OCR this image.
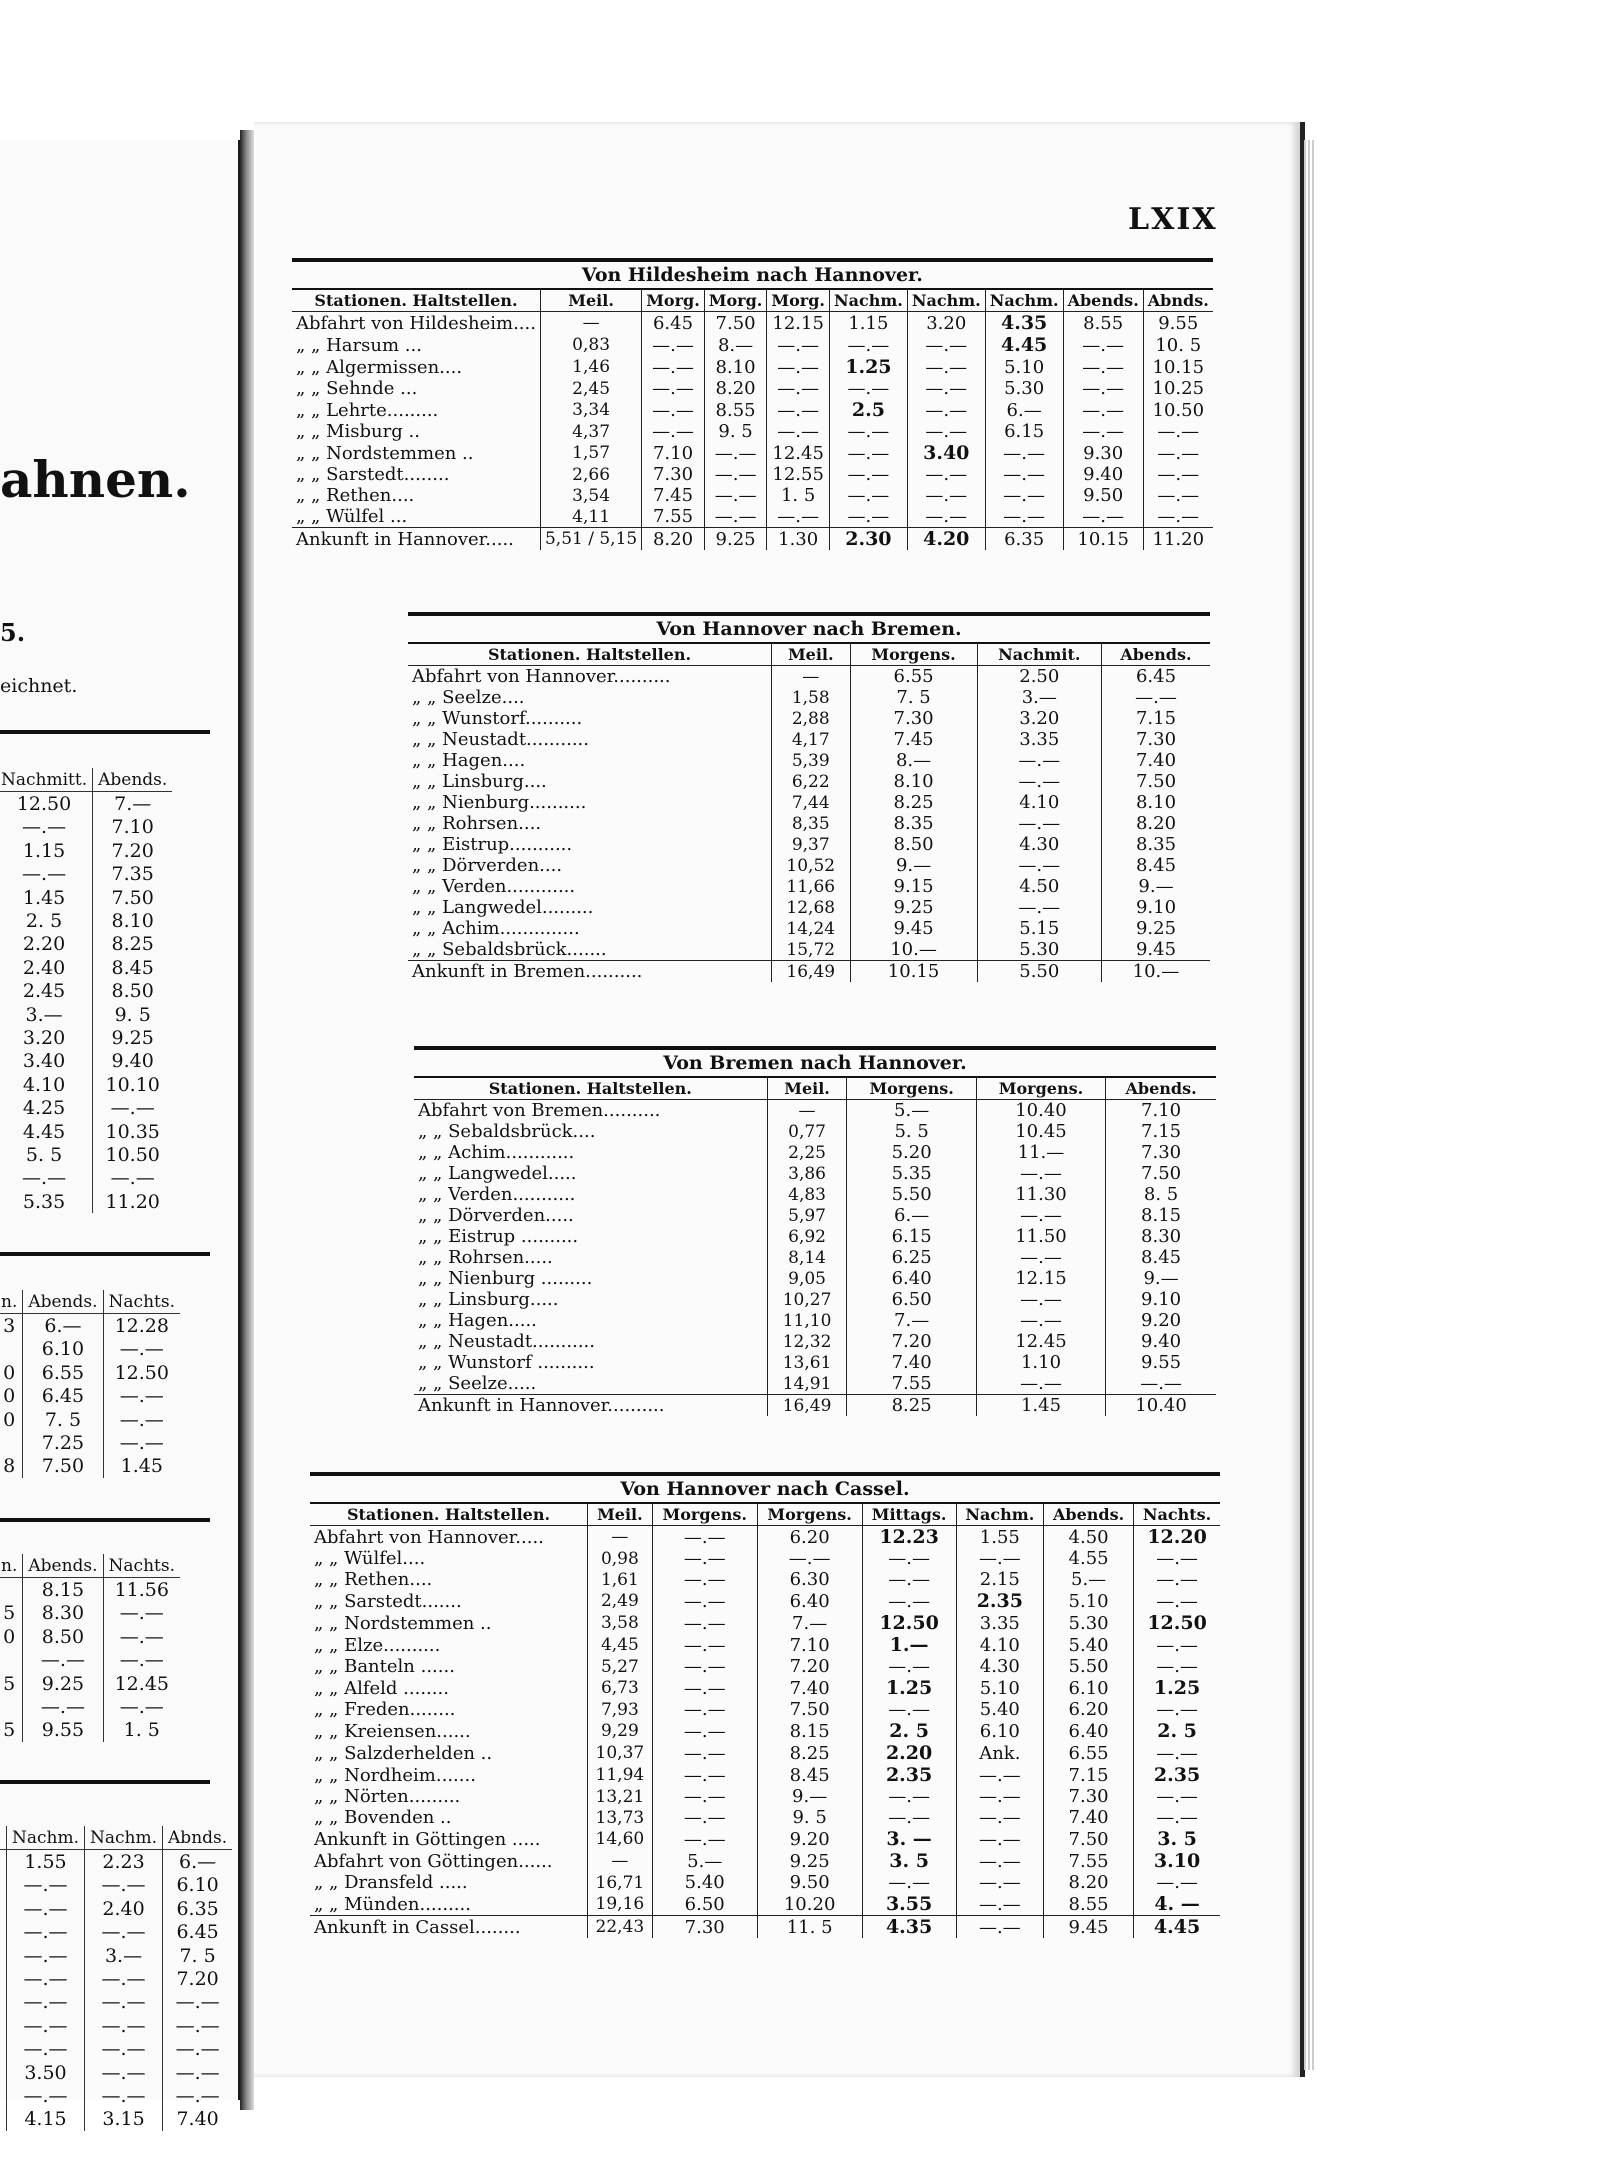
ahnen.
5.
eichnet.
Nachmitt.	Abends.
12.50	7.—
—.—	7.10
1.15	7.20
—.—	7.35
1.45	7.50
2. 5	8.10
2.20	8.25
2.40	8.45
2.45	8.50
3.—	9. 5
3.20	9.25
3.40	9.40
4.10	10.10
4.25	—.—
4.45	10.35
5. 5	10.50
—.—	—.—
5.35	11.20
n.	Abends.	Nachts.
3	6.—	12.28
	6.10	—.—
0	6.55	12.50
0	6.45	—.—
0	7. 5	—.—
	7.25	—.—
8	7.50	1.45
n.	Abends.	Nachts.
	8.15	11.56
5	8.30	—.—
0	8.50	—.—
	—.—	—.—
5	9.25	12.45
	—.—	—.—
5	9.55	1. 5
	Nachm.	Nachm.	Abnds.
	1.55	2.23	6.—
	—.—	—.—	6.10
	—.—	2.40	6.35
	—.—	—.—	6.45
	—.—	3.—	7. 5
	—.—	—.—	7.20
	—.—	—.—	—.—
	—.—	—.—	—.—
	—.—	—.—	—.—
	3.50	—.—	—.—
	—.—	—.—	—.—
	4.15	3.15	7.40
LXIX
Von Hildesheim nach Hannover.
Stationen. Haltstellen.	Meil.	Morg.	Morg.	Morg.	Nachm.	Nachm.	Nachm.	Abends.	Abnds.
Abfahrt von Hildesheim....	—	6.45	7.50	12.15	1.15	3.20	4.35	8.55	9.55
„ „ Harsum ...	0,83	—.—	8.—	—.—	—.—	—.—	4.45	—.—	10. 5
„ „ Algermissen....	1,46	—.—	8.10	—.—	1.25	—.—	5.10	—.—	10.15
„ „ Sehnde ...	2,45	—.—	8.20	—.—	—.—	—.—	5.30	—.—	10.25
„ „ Lehrte.........	3,34	—.—	8.55	—.—	2.5	—.—	6.—	—.—	10.50
„ „ Misburg ..	4,37	—.—	9. 5	—.—	—.—	—.—	6.15	—.—	—.—
„ „ Nordstemmen ..	1,57	7.10	—.—	12.45	—.—	3.40	—.—	9.30	—.—
„ „ Sarstedt........	2,66	7.30	—.—	12.55	—.—	—.—	—.—	9.40	—.—
„ „ Rethen....	3,54	7.45	—.—	1. 5	—.—	—.—	—.—	9.50	—.—
„ „ Wülfel ...	4,11	7.55	—.—	—.—	—.—	—.—	—.—	—.—	—.—
Ankunft in Hannover.....	5,51 / 5,15	8.20	9.25	1.30	2.30	4.20	6.35	10.15	11.20
Von Hannover nach Bremen.
Stationen. Haltstellen.	Meil.	Morgens.	Nachmit.	Abends.
Abfahrt von Hannover..........	—	6.55	2.50	6.45
„ „ Seelze....	1,58	7. 5	3.—	—.—
„ „ Wunstorf..........	2,88	7.30	3.20	7.15
„ „ Neustadt...........	4,17	7.45	3.35	7.30
„ „ Hagen....	5,39	8.—	—.—	7.40
„ „ Linsburg....	6,22	8.10	—.—	7.50
„ „ Nienburg..........	7,44	8.25	4.10	8.10
„ „ Rohrsen....	8,35	8.35	—.—	8.20
„ „ Eistrup...........	9,37	8.50	4.30	8.35
„ „ Dörverden....	10,52	9.—	—.—	8.45
„ „ Verden............	11,66	9.15	4.50	9.—
„ „ Langwedel.........	12,68	9.25	—.—	9.10
„ „ Achim..............	14,24	9.45	5.15	9.25
„ „ Sebaldsbrück.......	15,72	10.—	5.30	9.45
Ankunft in Bremen..........	16,49	10.15	5.50	10.—
Von Bremen nach Hannover.
Stationen. Haltstellen.	Meil.	Morgens.	Morgens.	Abends.
Abfahrt von Bremen..........	—	5.—	10.40	7.10
„ „ Sebaldsbrück....	0,77	5. 5	10.45	7.15
„ „ Achim............	2,25	5.20	11.—	7.30
„ „ Langwedel.....	3,86	5.35	—.—	7.50
„ „ Verden...........	4,83	5.50	11.30	8. 5
„ „ Dörverden.....	5,97	6.—	—.—	8.15
„ „ Eistrup ..........	6,92	6.15	11.50	8.30
„ „ Rohrsen.....	8,14	6.25	—.—	8.45
„ „ Nienburg .........	9,05	6.40	12.15	9.—
„ „ Linsburg.....	10,27	6.50	—.—	9.10
„ „ Hagen.....	11,10	7.—	—.—	9.20
„ „ Neustadt...........	12,32	7.20	12.45	9.40
„ „ Wunstorf ..........	13,61	7.40	1.10	9.55
„ „ Seelze.....	14,91	7.55	—.—	—.—
Ankunft in Hannover..........	16,49	8.25	1.45	10.40
Von Hannover nach Cassel.
Stationen. Haltstellen.	Meil.	Morgens.	Morgens.	Mittags.	Nachm.	Abends.	Nachts.
Abfahrt von Hannover.....	—	—.—	6.20	12.23	1.55	4.50	12.20
„ „ Wülfel....	0,98	—.—	—.—	—.—	—.—	4.55	—.—
„ „ Rethen....	1,61	—.—	6.30	—.—	2.15	5.—	—.—
„ „ Sarstedt.......	2,49	—.—	6.40	—.—	2.35	5.10	—.—
„ „ Nordstemmen ..	3,58	—.—	7.—	12.50	3.35	5.30	12.50
„ „ Elze..........	4,45	—.—	7.10	1.—	4.10	5.40	—.—
„ „ Banteln ......	5,27	—.—	7.20	—.—	4.30	5.50	—.—
„ „ Alfeld ........	6,73	—.—	7.40	1.25	5.10	6.10	1.25
„ „ Freden........	7,93	—.—	7.50	—.—	5.40	6.20	—.—
„ „ Kreiensen......	9,29	—.—	8.15	2. 5	6.10	6.40	2. 5
„ „ Salzderhelden ..	10,37	—.—	8.25	2.20	Ank.	6.55	—.—
„ „ Nordheim.......	11,94	—.—	8.45	2.35	—.—	7.15	2.35
„ „ Nörten.........	13,21	—.—	9.—	—.—	—.—	7.30	—.—
„ „ Bovenden ..	13,73	—.—	9. 5	—.—	—.—	7.40	—.—
Ankunft in Göttingen .....	14,60	—.—	9.20	3. —	—.—	7.50	3. 5
Abfahrt von Göttingen......	—	5.—	9.25	3. 5	—.—	7.55	3.10
„ „ Dransfeld .....	16,71	5.40	9.50	—.—	—.—	8.20	—.—
„ „ Münden.........	19,16	6.50	10.20	3.55	—.—	8.55	4. —
Ankunft in Cassel........	22,43	7.30	11. 5	4.35	—.—	9.45	4.45
